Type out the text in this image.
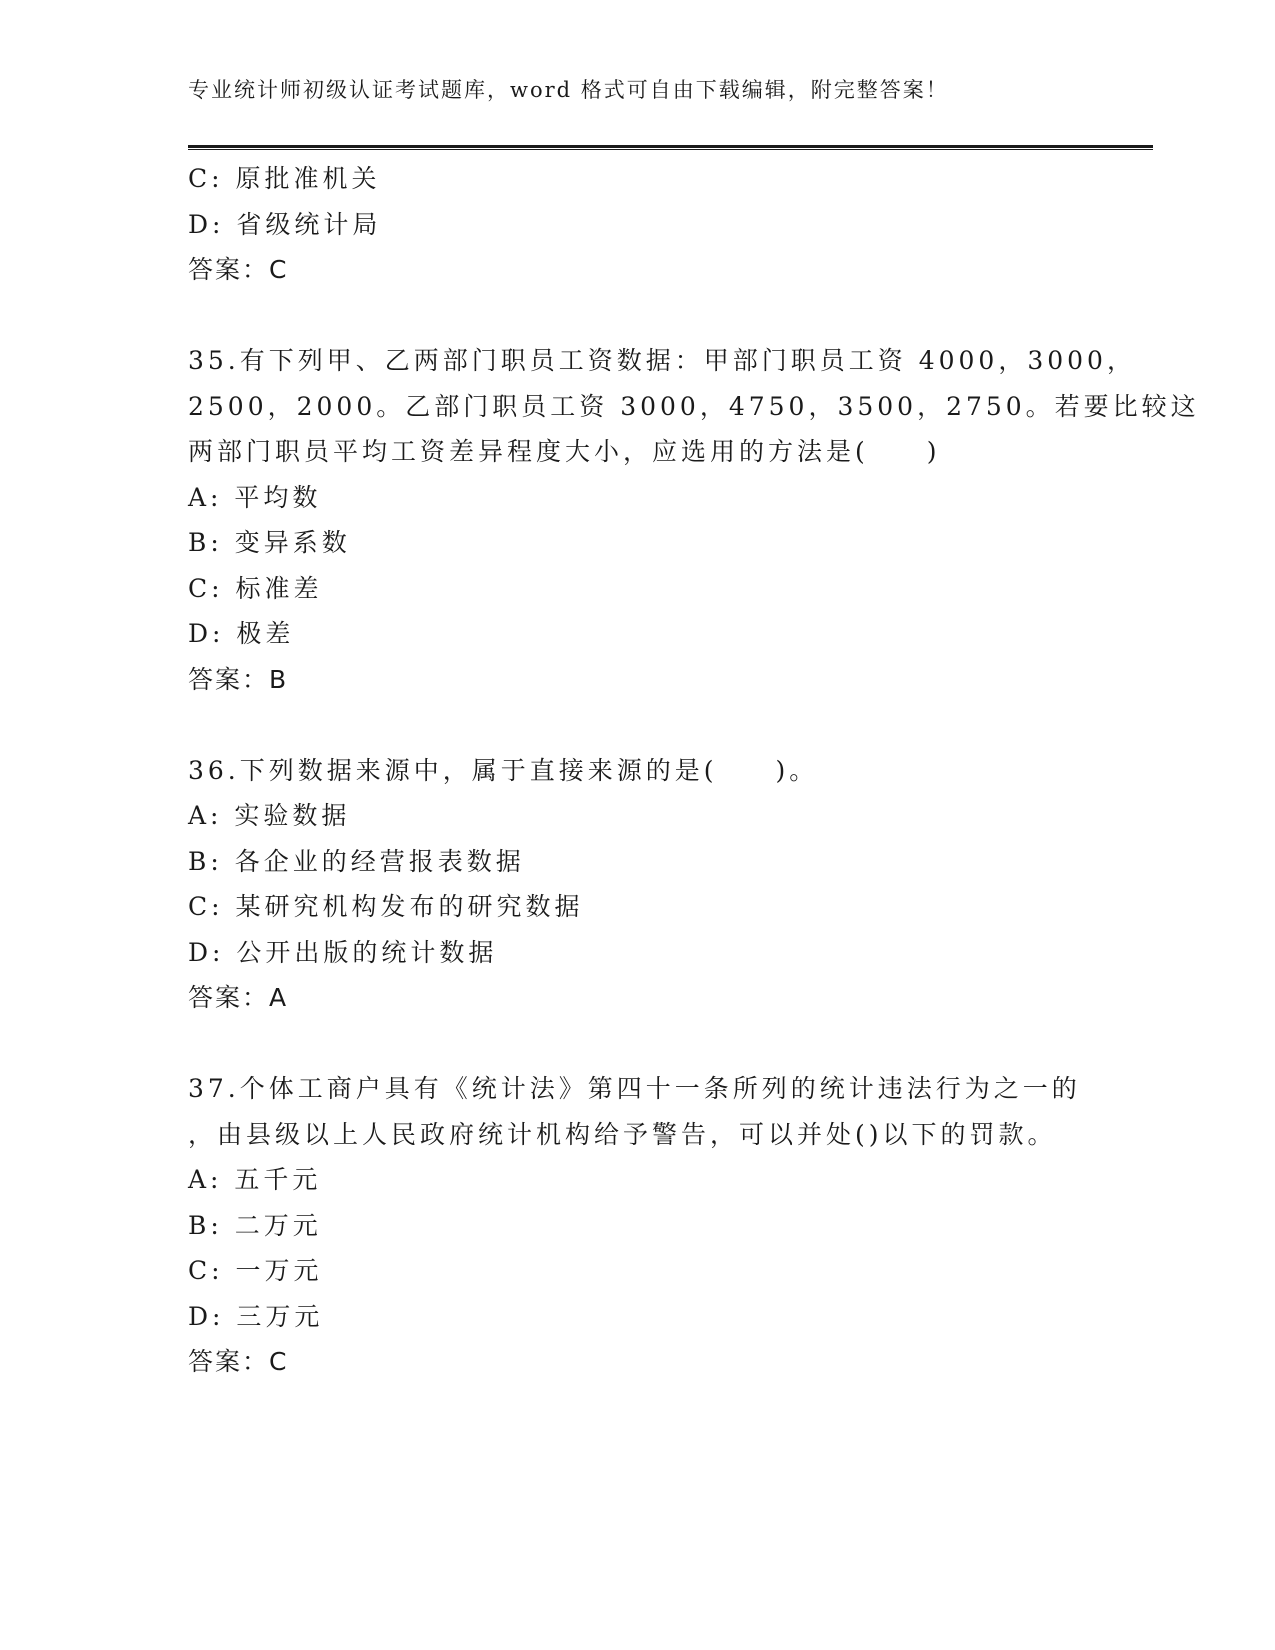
专业统计师初级认证考试题库，word 格式可自由下载编辑，附完整答案！
C: 原批准机关
D: 省级统计局
答案：C
35.有下列甲、乙两部门职员工资数据：甲部门职员工资 4000，3000，
2500，2000。乙部门职员工资 3000，4750，3500，2750。若要比较这
两部门职员平均工资差异程度大小，应选用的方法是(　　)
A: 平均数
B: 变异系数
C: 标准差
D: 极差
答案：B
36.下列数据来源中，属于直接来源的是(　　)。
A: 实验数据
B: 各企业的经营报表数据
C: 某研究机构发布的研究数据
D: 公开出版的统计数据
答案：A
37.个体工商户具有《统计法》第四十一条所列的统计违法行为之一的
，由县级以上人民政府统计机构给予警告，可以并处()以下的罚款。
A: 五千元
B: 二万元
C: 一万元
D: 三万元
答案：C
